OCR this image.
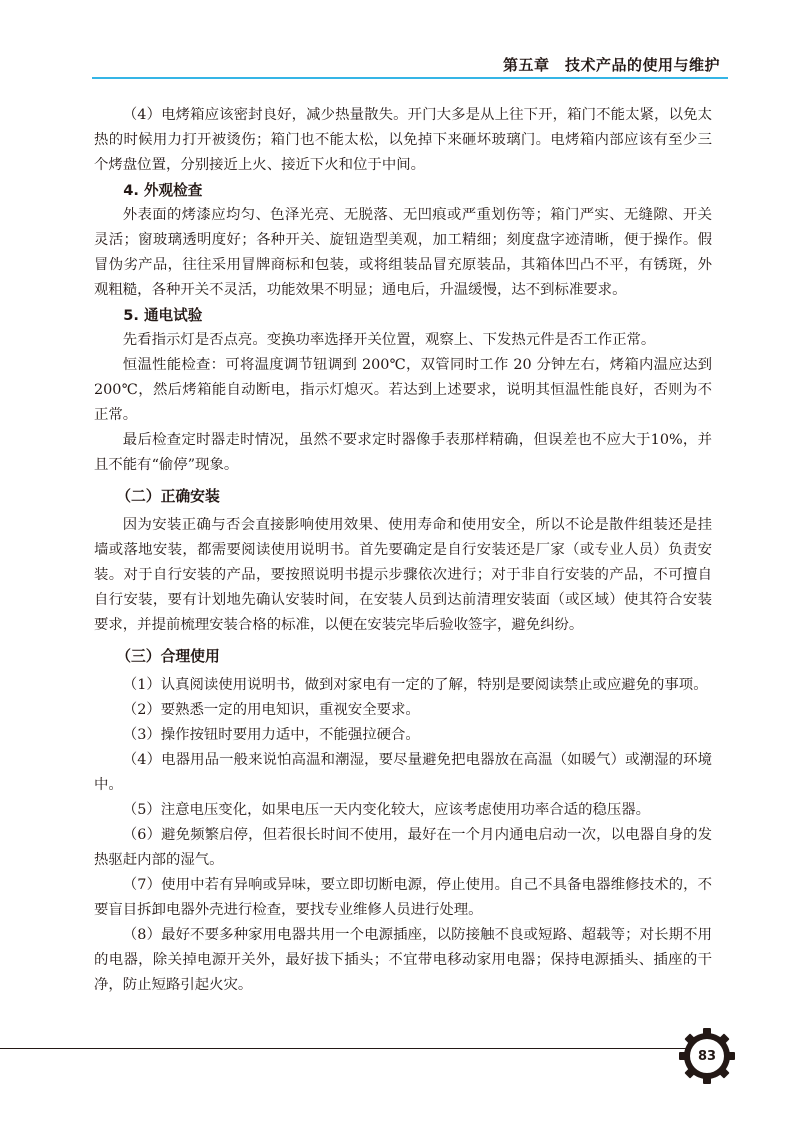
第五章　技术产品的使用与维护

（4）电烤箱应该密封良好，减少热量散失。开门大多是从上往下开，箱门不能太紧，以免太热的时候用力打开被烫伤；箱门也不能太松，以免掉下来砸坏玻璃门。电烤箱内部应该有至少三个烤盘位置，分别接近上火、接近下火和位于中间。

4. 外观检查

外表面的烤漆应均匀、色泽光亮、无脱落、无凹痕或严重划伤等；箱门严实、无缝隙、开关灵活；窗玻璃透明度好；各种开关、旋钮造型美观，加工精细；刻度盘字迹清晰，便于操作。假冒伪劣产品，往往采用冒牌商标和包装，或将组装品冒充原装品，其箱体凹凸不平，有锈斑，外观粗糙，各种开关不灵活，功能效果不明显；通电后，升温缓慢，达不到标准要求。

5. 通电试验

先看指示灯是否点亮。变换功率选择开关位置，观察上、下发热元件是否工作正常。

恒温性能检查：可将温度调节钮调到 200℃，双管同时工作 20 分钟左右，烤箱内温应达到200℃，然后烤箱能自动断电，指示灯熄灭。若达到上述要求，说明其恒温性能良好，否则为不正常。

最后检查定时器走时情况，虽然不要求定时器像手表那样精确，但误差也不应大于10%，并且不能有“偷停”现象。

（二）正确安装

因为安装正确与否会直接影响使用效果、使用寿命和使用安全，所以不论是散件组装还是挂墙或落地安装，都需要阅读使用说明书。首先要确定是自行安装还是厂家（或专业人员）负责安装。对于自行安装的产品，要按照说明书提示步骤依次进行；对于非自行安装的产品，不可擅自自行安装，要有计划地先确认安装时间，在安装人员到达前清理安装面（或区域）使其符合安装要求，并提前梳理安装合格的标准，以便在安装完毕后验收签字，避免纠纷。

（三）合理使用

（1）认真阅读使用说明书，做到对家电有一定的了解，特别是要阅读禁止或应避免的事项。

（2）要熟悉一定的用电知识，重视安全要求。

（3）操作按钮时要用力适中，不能强拉硬合。

（4）电器用品一般来说怕高温和潮湿，要尽量避免把电器放在高温（如暖气）或潮湿的环境中。

（5）注意电压变化，如果电压一天内变化较大，应该考虑使用功率合适的稳压器。

（6）避免频繁启停，但若很长时间不使用，最好在一个月内通电启动一次，以电器自身的发热驱赶内部的湿气。

（7）使用中若有异响或异味，要立即切断电源，停止使用。自己不具备电器维修技术的，不要盲目拆卸电器外壳进行检查，要找专业维修人员进行处理。

（8）最好不要多种家用电器共用一个电源插座，以防接触不良或短路、超载等；对长期不用的电器，除关掉电源开关外，最好拔下插头；不宜带电移动家用电器；保持电源插头、插座的干净，防止短路引起火灾。

83
